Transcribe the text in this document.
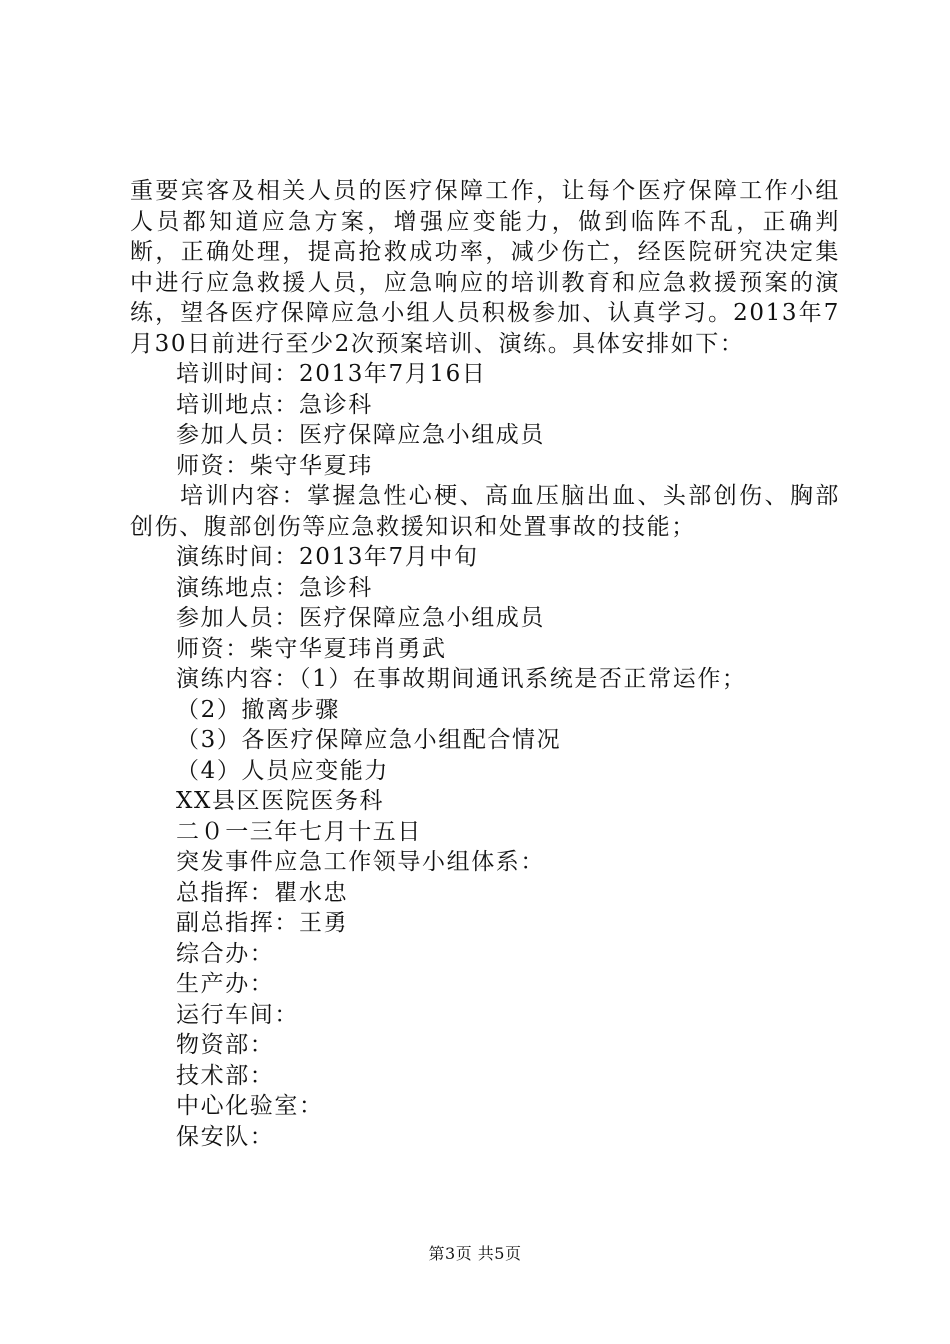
重要宾客及相关人员的医疗保障工作，让每个医疗保障工作小组人员都知道应急方案，增强应变能力，做到临阵不乱，正确判断，正确处理，提高抢救成功率，减少伤亡，经医院研究决定集中进行应急救援人员，应急响应的培训教育和应急救援预案的演练，望各医疗保障应急小组人员积极参加、认真学习。2013年7月30日前进行至少2次预案培训、演练。具体安排如下：

培训时间：2013年7月16日

培训地点：急诊科

参加人员：医疗保障应急小组成员

师资：柴守华夏玮

培训内容：掌握急性心梗、高血压脑出血、头部创伤、胸部创伤、腹部创伤等应急救援知识和处置事故的技能；

演练时间：2013年7月中旬

演练地点：急诊科

参加人员：医疗保障应急小组成员

师资：柴守华夏玮肖勇武

演练内容：（1）在事故期间通讯系统是否正常运作；

（2）撤离步骤

（3）各医疗保障应急小组配合情况

（4）人员应变能力

XX县区医院医务科

二０一三年七月十五日

突发事件应急工作领导小组体系：

总指挥：瞿水忠

副总指挥：王勇

综合办：

生产办：

运行车间：

物资部：

技术部：

中心化验室：

保安队：

第3页 共5页
